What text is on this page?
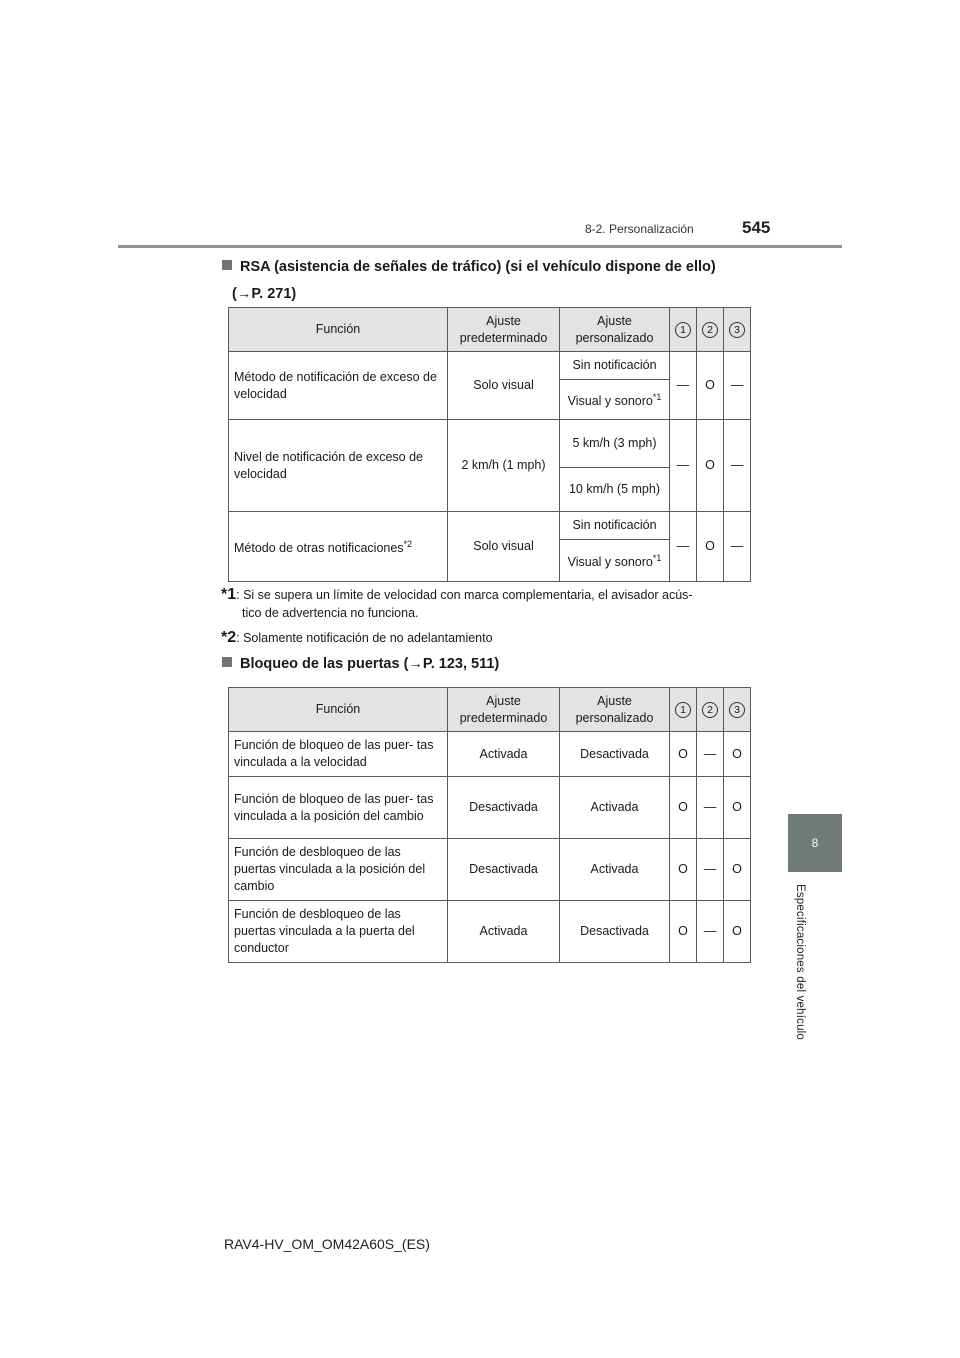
8-2. Personalización	545
8
Especificaciones del vehículo
RSA (asistencia de señales de tráfico) (si el vehículo dispone de ello)
(→P. 271)
Función	Ajuste predeterminado	Ajuste personalizado	1	2	3
Método de notificación de exceso de velocidad	Solo visual	Sin notificación	—	O	—
		Visual y sonoro$^{*1}$
Nivel de notificación de exceso de velocidad	2 km/h (1 mph)	5 km/h (3 mph)	—	O	—
		10 km/h (5 mph)			
Método de otras notificaciones$^{*2}$	Solo visual	Sin notificación	—	O	—
		Visual y sonoro$^{*1}$
*1: Si se supera un límite de velocidad con marca complementaria, el avisador acús-
tico de advertencia no funciona.
*2: Solamente notificación de no adelantamiento
Bloqueo de las puertas (→P. 123, 511)
Función	Ajuste predeterminado	Ajuste personalizado	1	2	3
Función de bloqueo de las puer- tas vinculada a la velocidad	Activada	Desactivada	O	—	O
Función de bloqueo de las puer- tas vinculada a la posición del cambio	Desactivada	Activada	O	—	O
Función de desbloqueo de las puertas vinculada a la posición del cambio	Desactivada	Activada	O	—	O
Función de desbloqueo de las puertas vinculada a la puerta del conductor	Activada	Desactivada	O	—	O
RAV4-HV_OM_OM42A60S_(ES)
